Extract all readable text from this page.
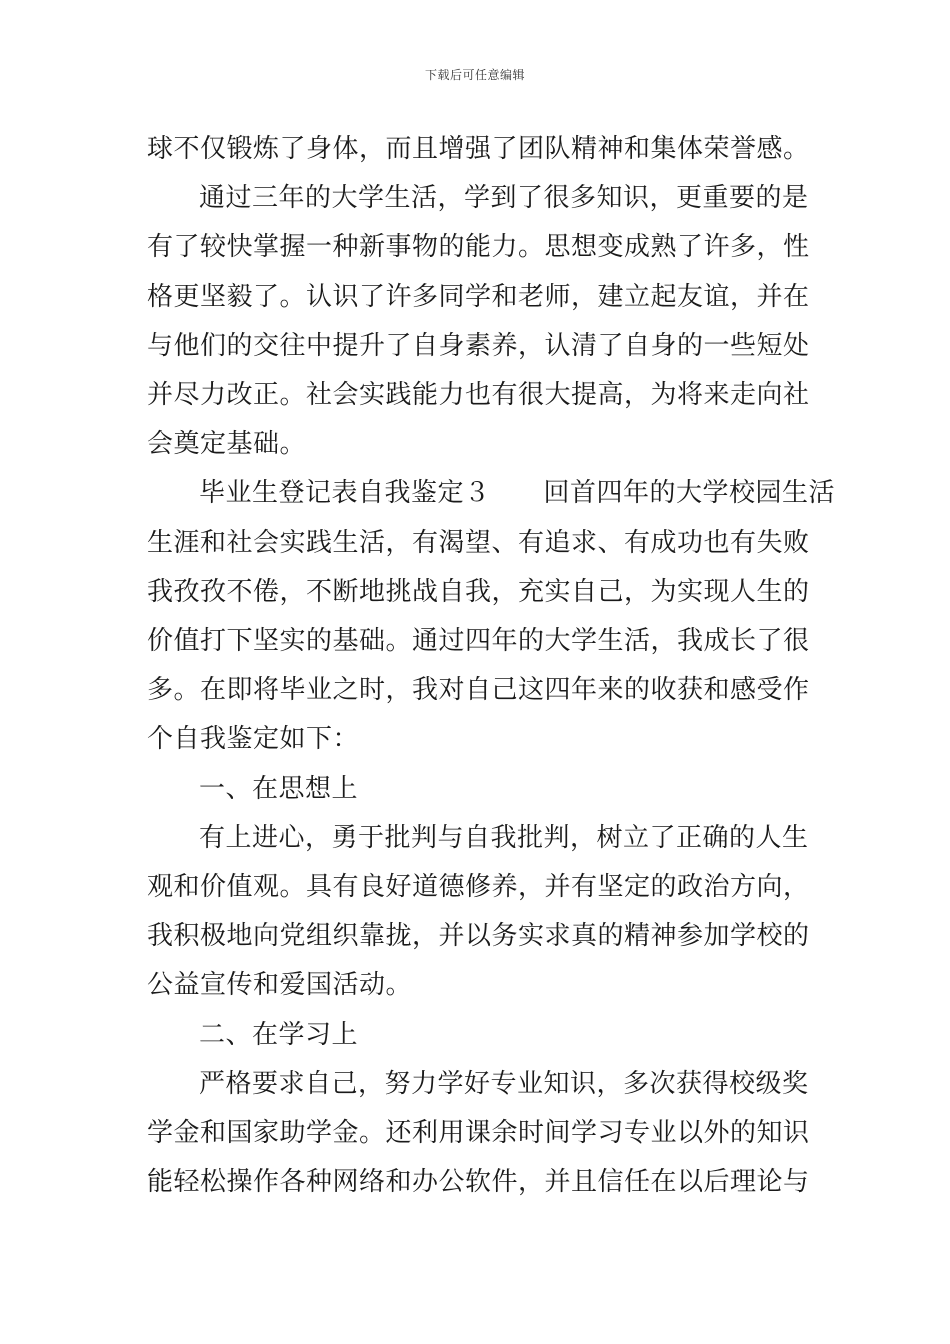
下载后可任意编辑
球不仅锻炼了身体，而且增强了团队精神和集体荣誉感。
通过三年的大学生活，学到了很多知识，更重要的是
有了较快掌握一种新事物的能力。思想变成熟了许多，性
格更坚毅了。认识了许多同学和老师，建立起友谊，并在
与他们的交往中提升了自身素养，认清了自身的一些短处
并尽力改正。社会实践能力也有很大提高，为将来走向社
会奠定基础。
毕业生登记表自我鉴定３　　回首四年的大学校园生活
生涯和社会实践生活，有渴望、有追求、有成功也有失败
我孜孜不倦，不断地挑战自我，充实自己，为实现人生的
价值打下坚实的基础。通过四年的大学生活，我成长了很
多。在即将毕业之时，我对自己这四年来的收获和感受作
个自我鉴定如下：
一、在思想上
有上进心，勇于批判与自我批判，树立了正确的人生
观和价值观。具有良好道德修养，并有坚定的政治方向，
我积极地向党组织靠拢，并以务实求真的精神参加学校的
公益宣传和爱国活动。
二、在学习上
严格要求自己，努力学好专业知识，多次获得校级奖
学金和国家助学金。还利用课余时间学习专业以外的知识
能轻松操作各种网络和办公软件，并且信任在以后理论与
